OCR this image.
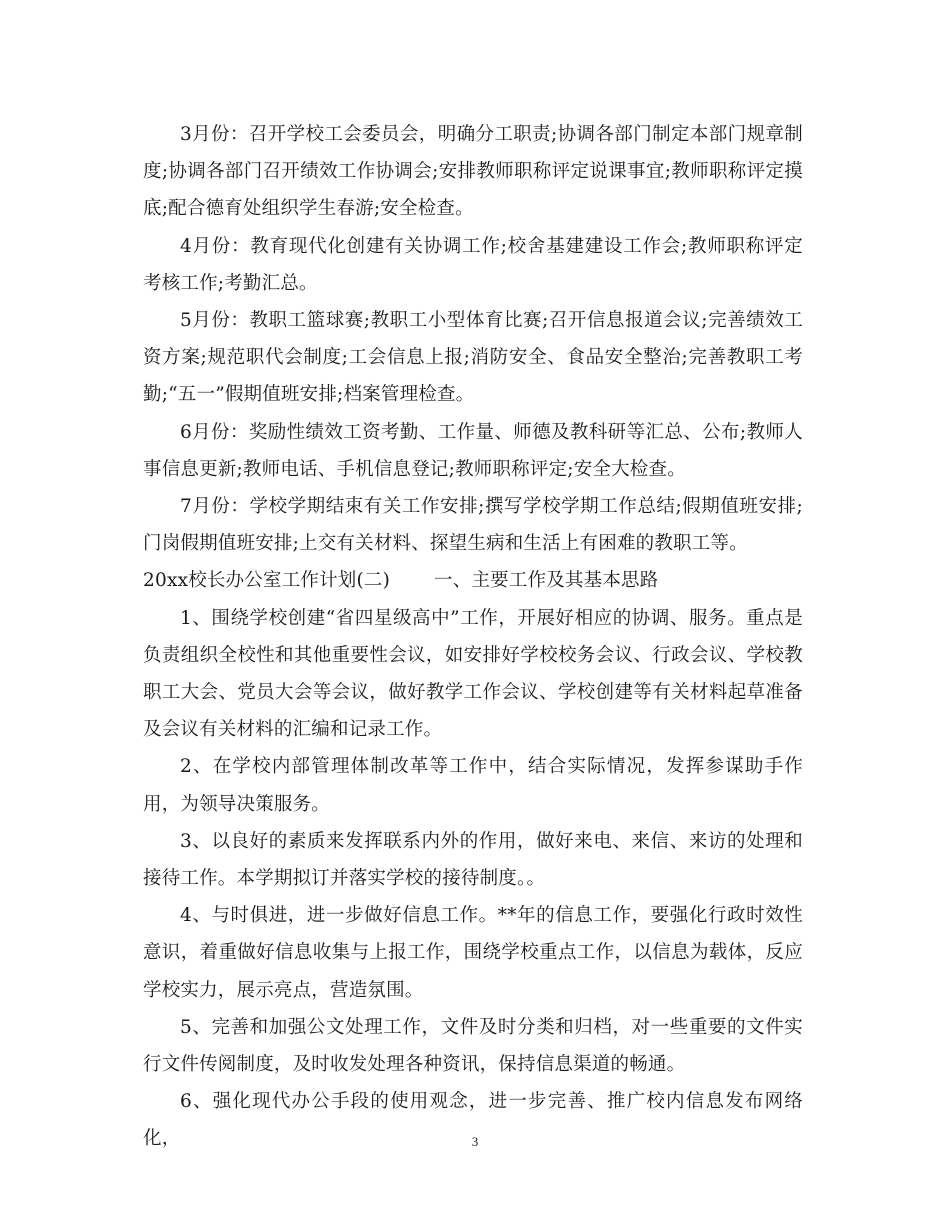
3月份：召开学校工会委员会，明确分工职责;协调各部门制定本部门规章制度;协调各部门召开绩效工作协调会;安排教师职称评定说课事宜;教师职称评定摸底;配合德育处组织学生春游;安全检查。

4月份：教育现代化创建有关协调工作;校舍基建建设工作会;教师职称评定考核工作;考勤汇总。

5月份：教职工篮球赛;教职工小型体育比赛;召开信息报道会议;完善绩效工资方案;规范职代会制度;工会信息上报;消防安全、食品安全整治;完善教职工考勤;“五一”假期值班安排;档案管理检查。

6月份：奖励性绩效工资考勤、工作量、师德及教科研等汇总、公布;教师人事信息更新;教师电话、手机信息登记;教师职称评定;安全大检查。

7月份：学校学期结束有关工作安排;撰写学校学期工作总结;假期值班安排;门岗假期值班安排;上交有关材料、探望生病和生活上有困难的教职工等。

20xx校长办公室工作计划(二) 一、主要工作及其基本思路

1、围绕学校创建“省四星级高中”工作，开展好相应的协调、服务。重点是负责组织全校性和其他重要性会议，如安排好学校校务会议、行政会议、学校教职工大会、党员大会等会议，做好教学工作会议、学校创建等有关材料起草准备及会议有关材料的汇编和记录工作。

2、在学校内部管理体制改革等工作中，结合实际情况，发挥参谋助手作用，为领导决策服务。

3、以良好的素质来发挥联系内外的作用，做好来电、来信、来访的处理和接待工作。本学期拟订并落实学校的接待制度。。

4、与时俱进，进一步做好信息工作。**年的信息工作，要强化行政时效性意识，着重做好信息收集与上报工作，围绕学校重点工作，以信息为载体，反应学校实力，展示亮点，营造氛围。

5、完善和加强公文处理工作，文件及时分类和归档，对一些重要的文件实行文件传阅制度，及时收发处理各种资讯，保持信息渠道的畅通。

6、强化现代办公手段的使用观念，进一步完善、推广校内信息发布网络化，	3
